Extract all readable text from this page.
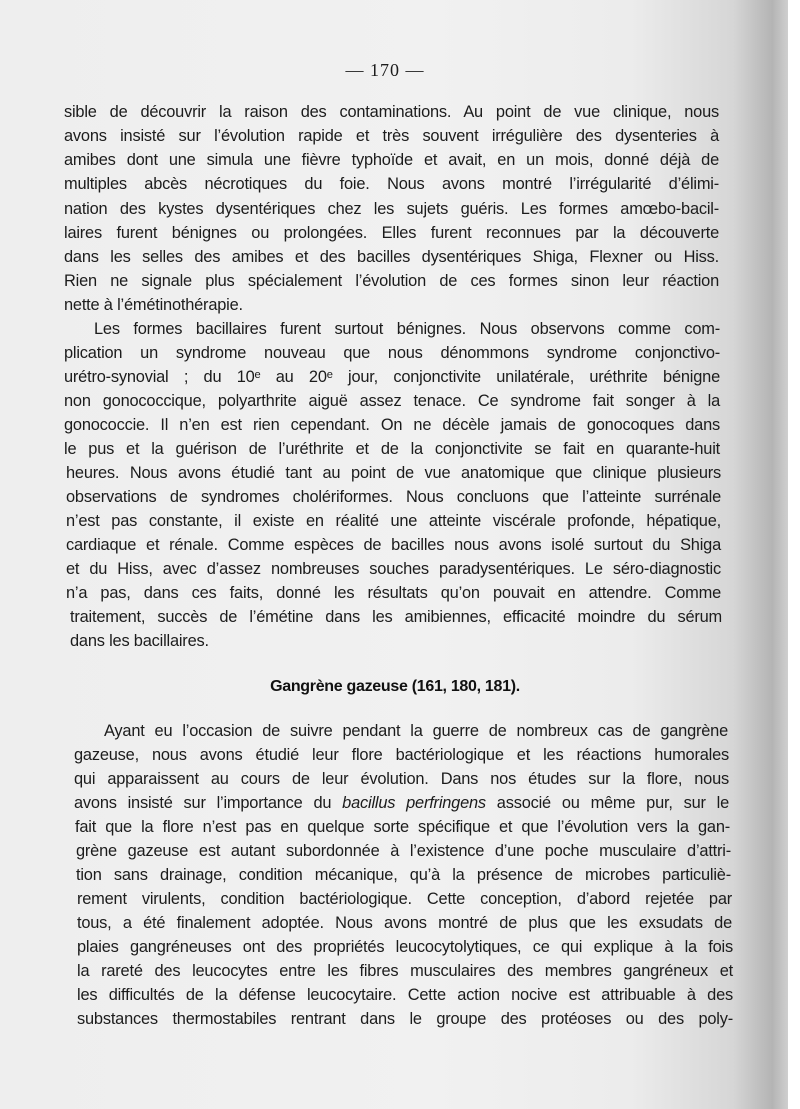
— 170 —
sible de découvrir la raison des contaminations. Au point de vue clinique, nous
avons insisté sur l’évolution rapide et très souvent irrégulière des dysenteries à
amibes dont une simula une fièvre typhoïde et avait, en un mois, donné déjà de
multiples abcès nécrotiques du foie. Nous avons montré l’irrégularité d’élimi-
nation des kystes dysentériques chez les sujets guéris. Les formes amœbo-bacil-
laires furent bénignes ou prolongées. Elles furent reconnues par la découverte
dans les selles des amibes et des bacilles dysentériques Shiga, Flexner ou Hiss.
Rien ne signale plus spécialement l’évolution de ces formes sinon leur réaction
nette à l’émétinothérapie.
Les formes bacillaires furent surtout bénignes. Nous observons comme com-
plication un syndrome nouveau que nous dénommons syndrome conjonctivo-
urétro-synovial ; du 10ᵉ au 20ᵉ jour, conjonctivite unilatérale, uréthrite bénigne
non gonococcique, polyarthrite aiguë assez tenace. Ce syndrome fait songer à la
gonococcie. Il n’en est rien cependant. On ne décèle jamais de gonocoques dans
le pus et la guérison de l’uréthrite et de la conjonctivite se fait en quarante-huit
heures. Nous avons étudié tant au point de vue anatomique que clinique plusieurs
observations de syndromes cholériformes. Nous concluons que l’atteinte surrénale
n’est pas constante, il existe en réalité une atteinte viscérale profonde, hépatique,
cardiaque et rénale. Comme espèces de bacilles nous avons isolé surtout du Shiga
et du Hiss, avec d’assez nombreuses souches paradysentériques. Le séro-diagnostic
n’a pas, dans ces faits, donné les résultats qu’on pouvait en attendre. Comme
traitement, succès de l’émétine dans les amibiennes, efficacité moindre du sérum
dans les bacillaires.
Gangrène gazeuse (161, 180, 181).
Ayant eu l’occasion de suivre pendant la guerre de nombreux cas de gangrène
gazeuse, nous avons étudié leur flore bactériologique et les réactions humorales
qui apparaissent au cours de leur évolution. Dans nos études sur la flore, nous
avons insisté sur l’importance du bacillus perfringens associé ou même pur, sur le
fait que la flore n’est pas en quelque sorte spécifique et que l’évolution vers la gan-
grène gazeuse est autant subordonnée à l’existence d’une poche musculaire d’attri-
tion sans drainage, condition mécanique, qu’à la présence de microbes particuliè-
rement virulents, condition bactériologique. Cette conception, d’abord rejetée par
tous, a été finalement adoptée. Nous avons montré de plus que les exsudats de
plaies gangréneuses ont des propriétés leucocytolytiques, ce qui explique à la fois
la rareté des leucocytes entre les fibres musculaires des membres gangréneux et
les difficultés de la défense leucocytaire. Cette action nocive est attribuable à des
substances thermostabiles rentrant dans le groupe des protéoses ou des poly-
